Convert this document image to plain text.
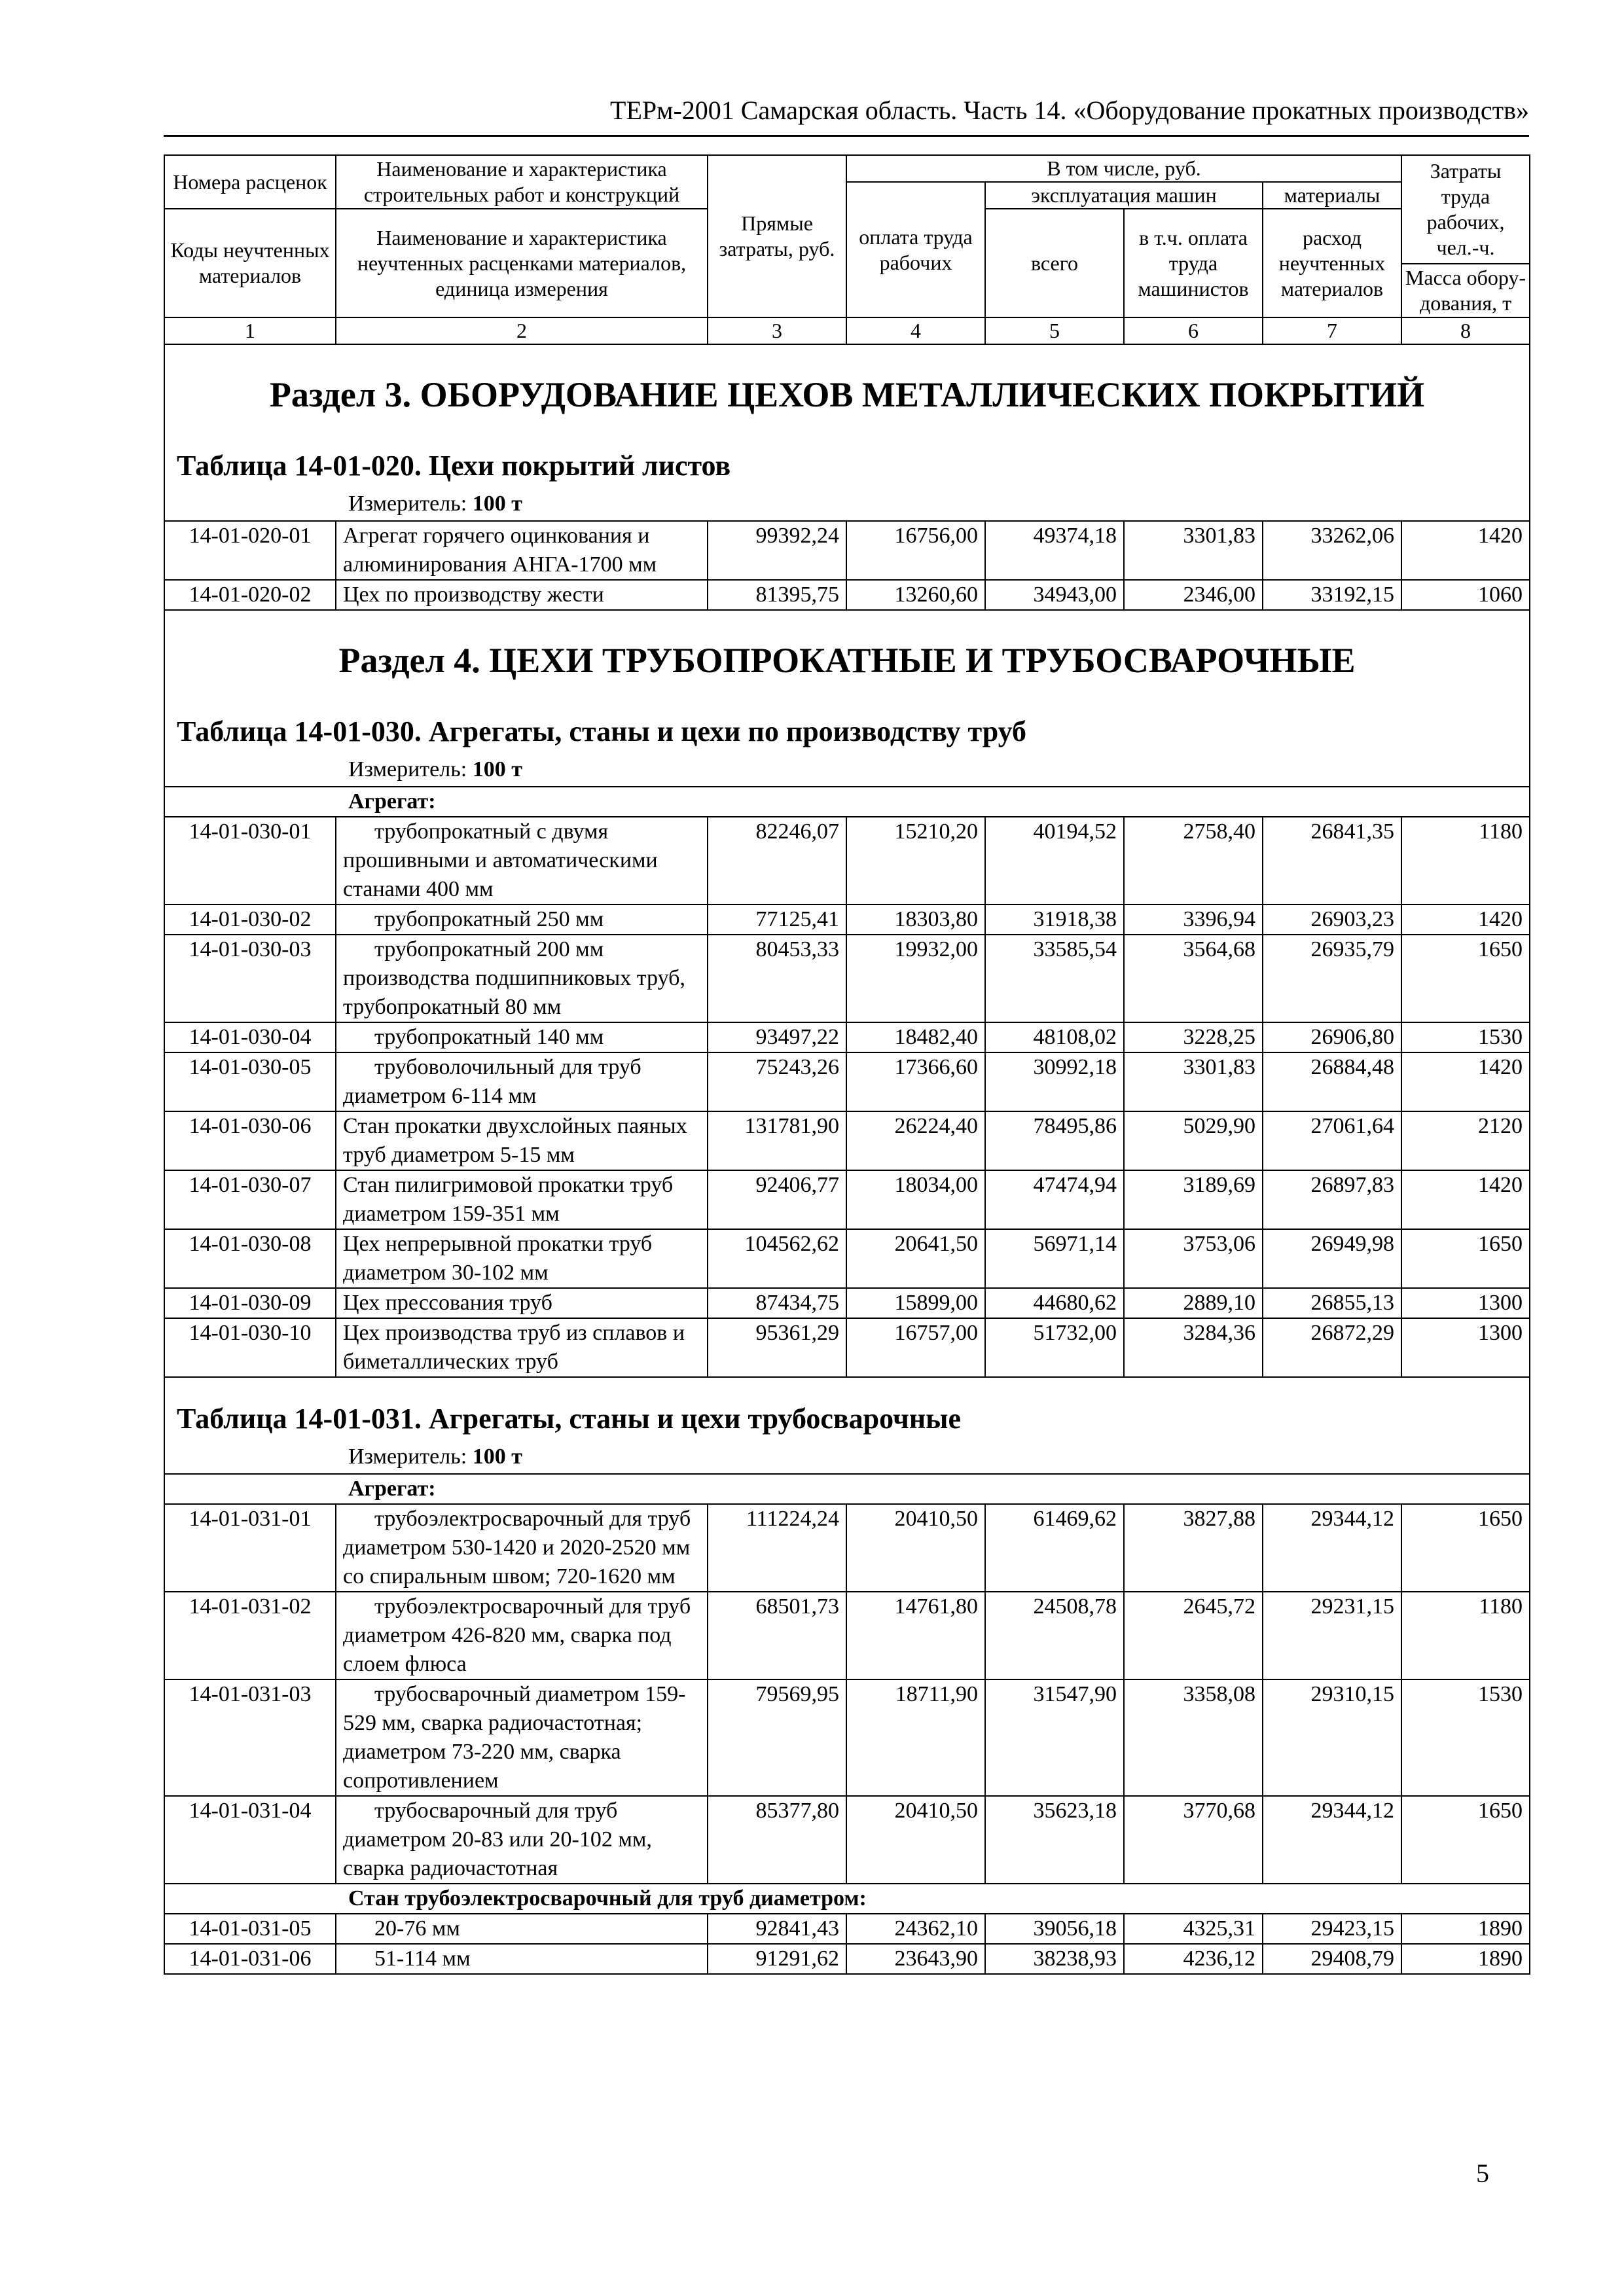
ТЕРм-2001 Самарская область. Часть 14. «Оборудование прокатных производств»
Номера расценок	Наименование и характеристика строительных работ и конструкций	Прямые затраты, руб.	В том числе, руб.				Затраты труда рабочих, чел.-ч.
			оплата труда рабочих	эксплуатация машин		материалы	
Коды неучтенных материалов	Наименование и характеристика неучтенных расценками материалов, единица измерения			всего	в т.ч. оплата труда машинистов	расход неучтенных материалов	
							Масса обору-дования, т
1	2	3	4	5	6	7	8

Раздел 3. ОБОРУДОВАНИЕ ЦЕХОВ МЕТАЛЛИЧЕСКИХ ПОКРЫТИЙ
Таблица 14-01-020. Цехи покрытий листов
Измеритель: 100 т							

14-01-020-01	Агрегат горячего оцинкования и алюминирования АНГА-1700 мм	99392,24	16756,00	49374,18	3301,83	33262,06	1420
14-01-020-02	Цех по производству жести	81395,75	13260,60	34943,00	2346,00	33192,15	1060

Раздел 4. ЦЕХИ ТРУБОПРОКАТНЫЕ И ТРУБОСВАРОЧНЫЕ
Таблица 14-01-030. Агрегаты, станы и цехи по производству труб
Измеритель: 100 т							

Агрегат:							
14-01-030-01	трубопрокатный с двумя прошивными и автоматическими станами 400 мм	82246,07	15210,20	40194,52	2758,40	26841,35	1180
14-01-030-02	трубопрокатный 250 мм	77125,41	18303,80	31918,38	3396,94	26903,23	1420
14-01-030-03	трубопрокатный 200 мм производства подшипниковых труб, трубопрокатный 80 мм	80453,33	19932,00	33585,54	3564,68	26935,79	1650
14-01-030-04	трубопрокатный 140 мм	93497,22	18482,40	48108,02	3228,25	26906,80	1530
14-01-030-05	трубоволочильный для труб диаметром 6-114 мм	75243,26	17366,60	30992,18	3301,83	26884,48	1420
14-01-030-06	Стан прокатки двухслойных паяных труб диаметром 5-15 мм	131781,90	26224,40	78495,86	5029,90	27061,64	2120
14-01-030-07	Стан пилигримовой прокатки труб диаметром 159-351 мм	92406,77	18034,00	47474,94	3189,69	26897,83	1420
14-01-030-08	Цех непрерывной прокатки труб диаметром 30-102 мм	104562,62	20641,50	56971,14	3753,06	26949,98	1650
14-01-030-09	Цех прессования труб	87434,75	15899,00	44680,62	2889,10	26855,13	1300
14-01-030-10	Цех производства труб из сплавов и биметаллических труб	95361,29	16757,00	51732,00	3284,36	26872,29	1300

Таблица 14-01-031. Агрегаты, станы и цехи трубосварочные
Измеритель: 100 т							

Агрегат:							
14-01-031-01	трубоэлектросварочный для труб диаметром 530-1420 и 2020-2520 мм со спиральным швом; 720-1620 мм	111224,24	20410,50	61469,62	3827,88	29344,12	1650
14-01-031-02	трубоэлектросварочный для труб диаметром 426-820 мм, сварка под слоем флюса	68501,73	14761,80	24508,78	2645,72	29231,15	1180
14-01-031-03	трубосварочный диаметром 159-529 мм, сварка радиочастотная; диаметром 73-220 мм, сварка сопротивлением	79569,95	18711,90	31547,90	3358,08	29310,15	1530
14-01-031-04	трубосварочный для труб диаметром 20-83 или 20-102 мм, сварка радиочастотная	85377,80	20410,50	35623,18	3770,68	29344,12	1650
Стан трубоэлектросварочный для труб диаметром:							
14-01-031-05	20-76 мм	92841,43	24362,10	39056,18	4325,31	29423,15	1890
14-01-031-06	51-114 мм	91291,62	23643,90	38238,93	4236,12	29408,79	1890
5
